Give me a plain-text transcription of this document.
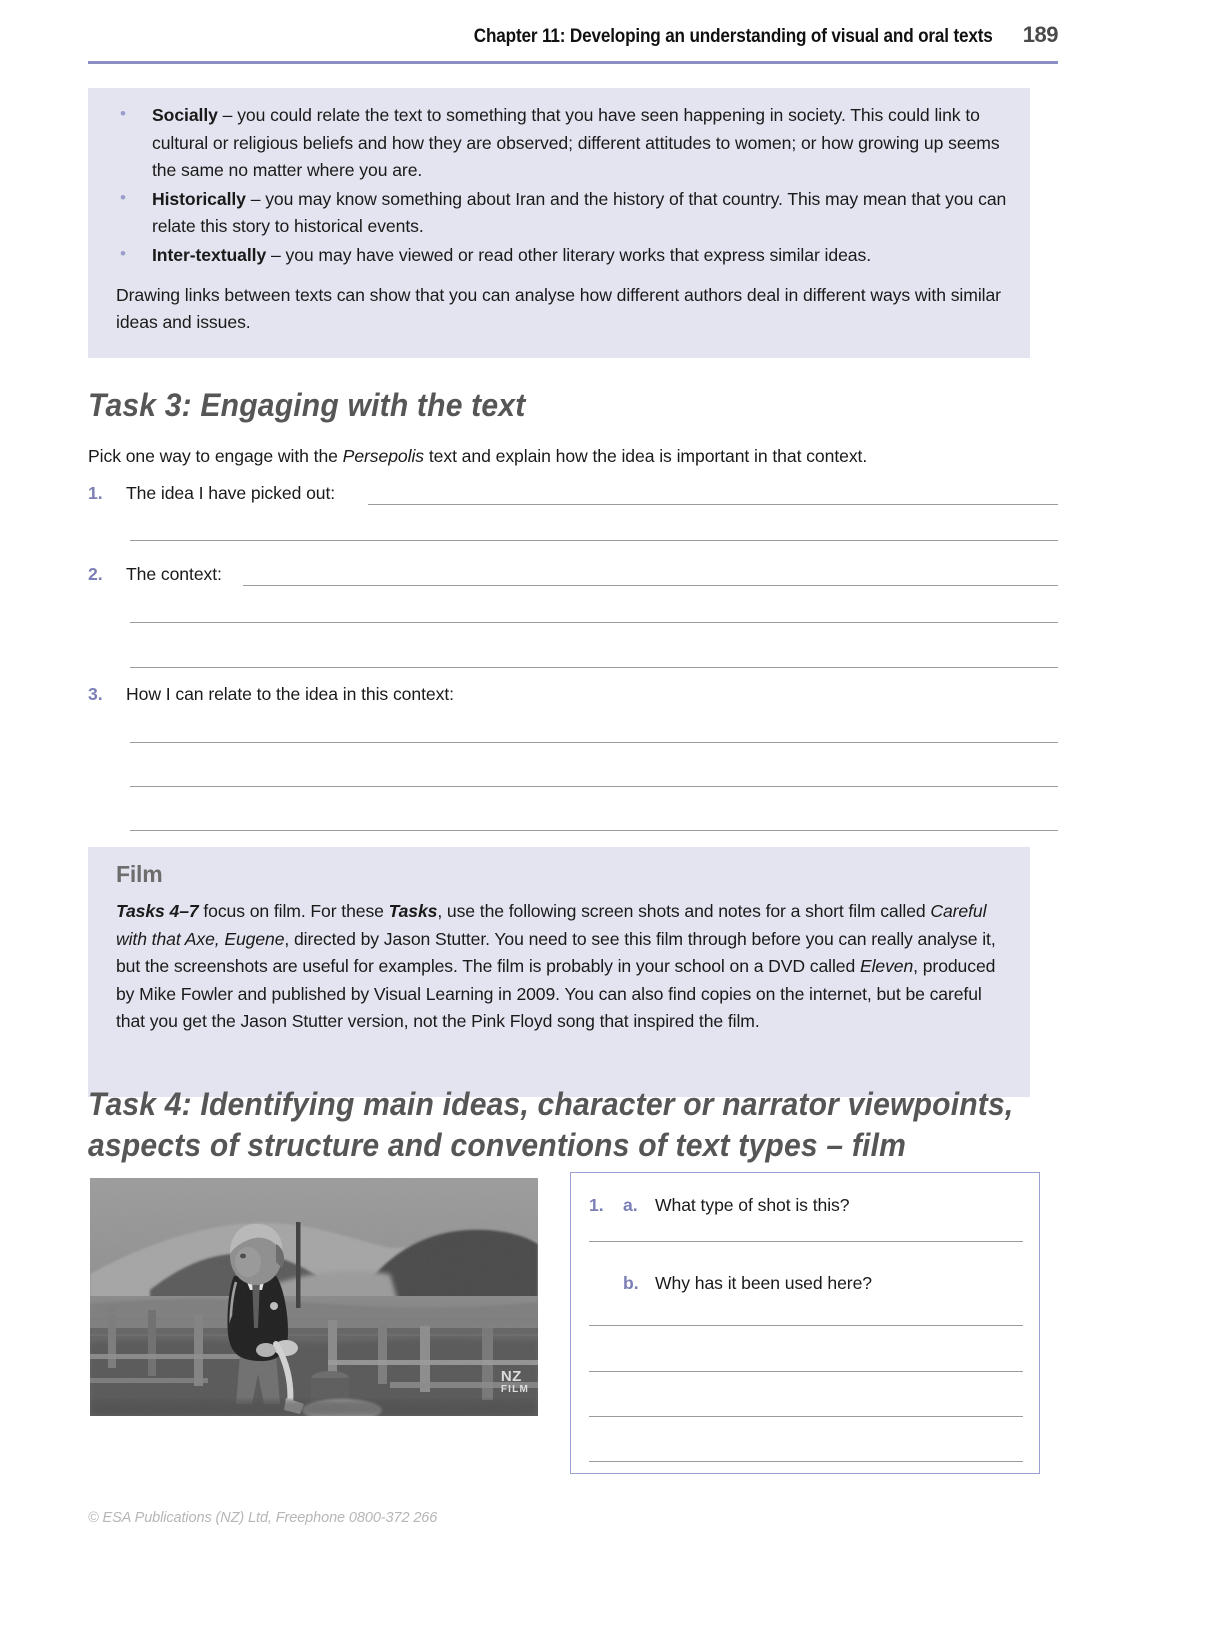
Chapter 11: Developing an understanding of visual and oral texts 189
• Socially – you could relate the text to something that you have seen happening in society. This could link to cultural or religious beliefs and how they are observed; different attitudes to women; or how growing up seems the same no matter where you are.
• Historically – you may know something about Iran and the history of that country. This may mean that you can relate this story to historical events.
• Inter-textually – you may have viewed or read other literary works that express similar ideas.

Drawing links between texts can show that you can analyse how different authors deal in different ways with similar ideas and issues.

Task 3: Engaging with the text
Pick one way to engage with the Persepolis text and explain how the idea is important in that context.
1. The idea I have picked out:
2. The context:
3. How I can relate to the idea in this context:
Film

Tasks 4–7 focus on film. For these Tasks, use the following screen shots and notes for a short film called Careful with that Axe, Eugene, directed by Jason Stutter. You need to see this film through before you can really analyse it, but the screenshots are useful for examples. The film is probably in your school on a DVD called Eleven, produced by Mike Fowler and published by Visual Learning in 2009. You can also find copies on the internet, but be careful that you get the Jason Stutter version, not the Pink Floyd song that inspired the film.

Task 4: Identifying main ideas, character or narrator viewpoints,
aspects of structure and conventions of text types – film
NZ
FILM
1. a. What type of shot is this?
b. Why has it been used here?
© ESA Publications (NZ) Ltd, Freephone 0800-372 266
